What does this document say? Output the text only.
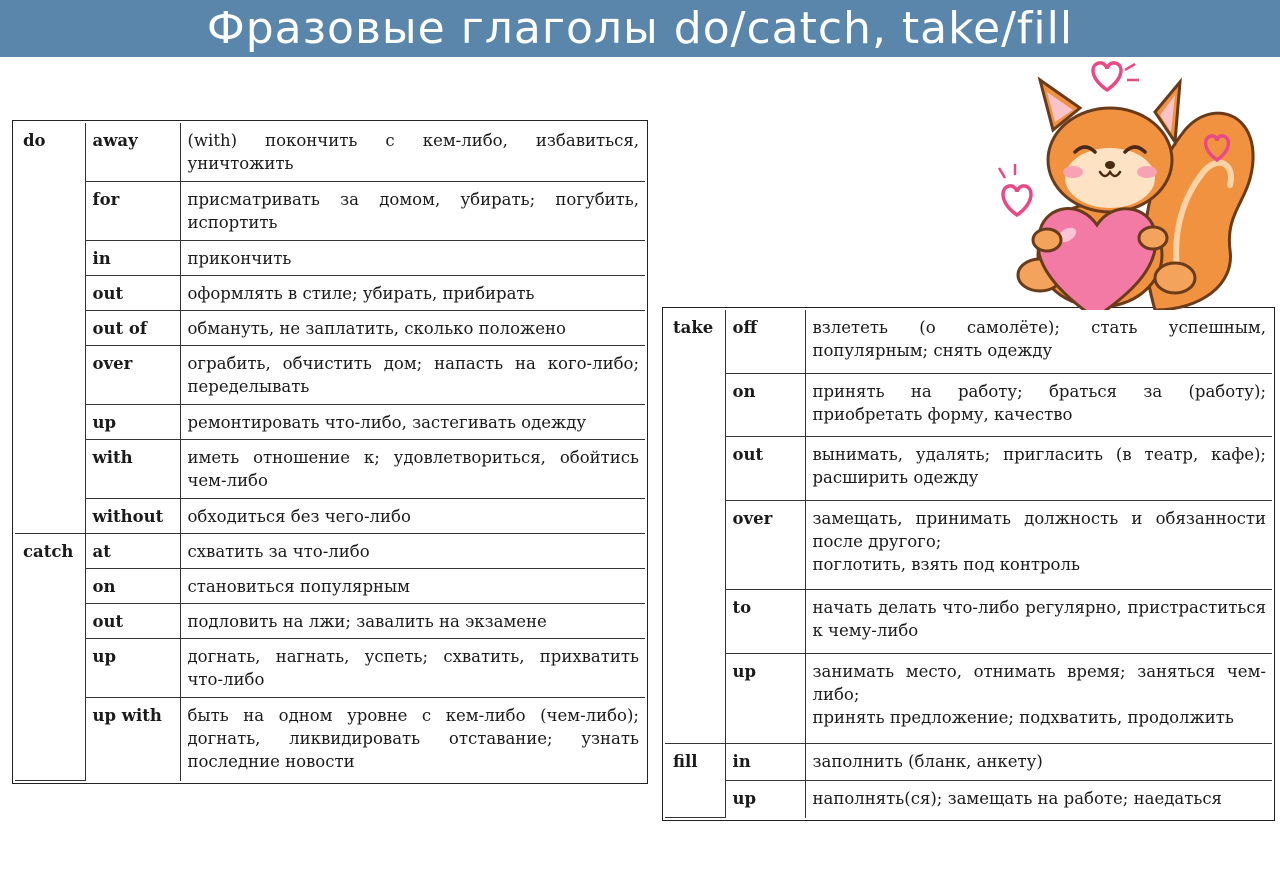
Фразовые глаголы do/catch, take/fill
do	away	(with) покончить с кем-либо, избавиться, уничтожить
	for	присматривать за домом, убирать; погубить, испортить
	in	прикончить
	out	оформлять в стиле; убирать, прибирать
	out of	обмануть, не заплатить, сколько положено
	over	ограбить, обчистить дом; напасть на кого-либо; переделывать
	up	ремонтировать что-либо, застегивать одежду
	with	иметь отношение к; удовлетвориться, обойтись чем-либо
	without	обходиться без чего-либо
catch	at	схватить за что-либо
	on	становиться популярным
	out	подловить на лжи; завалить на экзамене
	up	догнать, нагнать, успеть; схватить, прихватить что-либо
	up with	быть на одном уровне с кем-либо (чем-либо); догнать, ликвидировать отставание; узнать последние новости
take	off	взлететь (о самолёте); стать успешным, популярным; снять одежду
	on	принять на работу; браться за (работу); приобретать форму, качество
	out	вынимать, удалять; пригласить (в театр, кафе); расширить одежду
	over	замещать, принимать должность и обязанности после другого;
поглотить, взять под контроль
	to	начать делать что-либо регулярно, пристраститься к чему-либо
	up	занимать место, отнимать время; заняться чем-либо;
принять предложение; подхватить, продолжить
fill	in	заполнить (бланк, анкету)
	up	наполнять(ся); замещать на работе; наедаться
